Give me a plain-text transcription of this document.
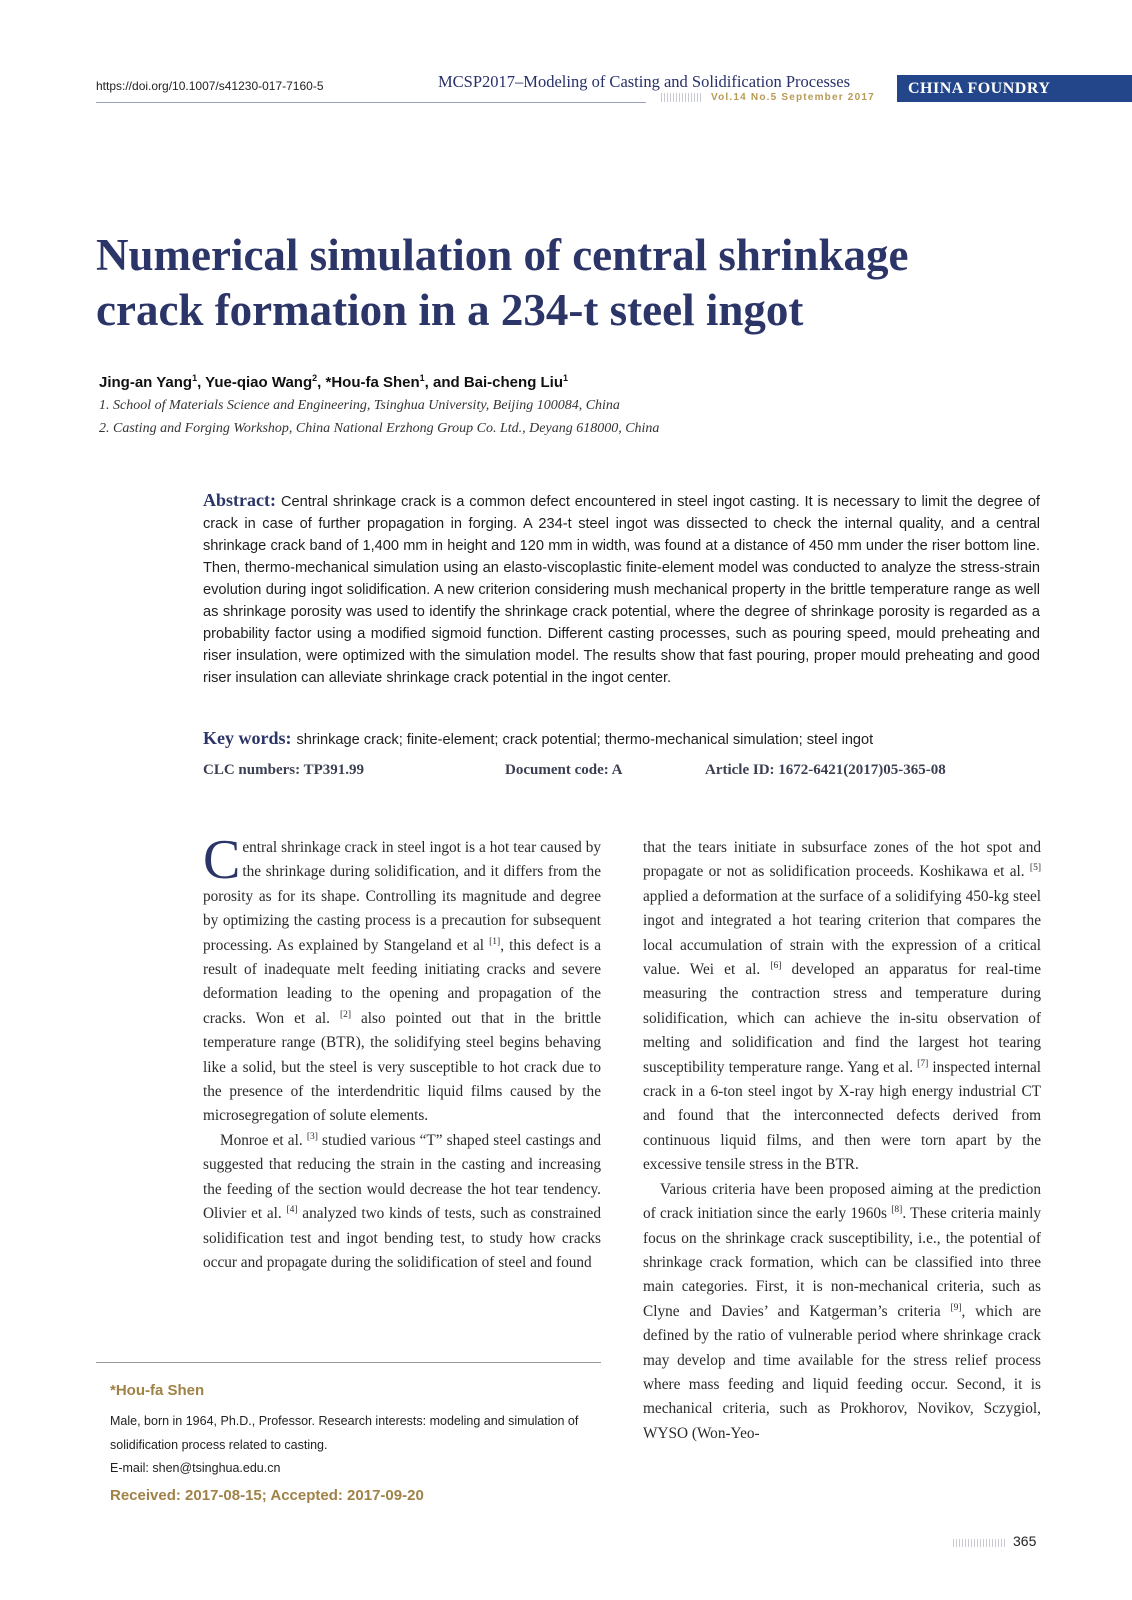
https://doi.org/10.1007/s41230-017-7160-5	MCSP2017–Modeling of Casting and Solidification Processes
Vol.14 No.5 September 2017
CHINA FOUNDRY
Numerical simulation of central shrinkage
crack formation in a 234-t steel ingot
Jing-an Yang$^1$, Yue-qiao Wang$^2$, *Hou-fa Shen$^1$, and Bai-cheng Liu$^1$
1. School of Materials Science and Engineering, Tsinghua University, Beijing 100084, China
2. Casting and Forging Workshop, China National Erzhong Group Co. Ltd., Deyang 618000, China

Abstract: Central shrinkage crack is a common defect encountered in steel ingot casting. It is necessary to limit the degree of crack in case of further propagation in forging. A 234-t steel ingot was dissected to check the internal quality, and a central shrinkage crack band of 1,400 mm in height and 120 mm in width, was found at a distance of 450 mm under the riser bottom line. Then, thermo-mechanical simulation using an elasto-viscoplastic finite-element model was conducted to analyze the stress-strain evolution during ingot solidification. A new criterion considering mush mechanical property in the brittle temperature range as well as shrinkage porosity was used to identify the shrinkage crack potential, where the degree of shrinkage porosity is regarded as a probability factor using a modified sigmoid function. Different casting processes, such as pouring speed, mould preheating and riser insulation, were optimized with the simulation model. The results show that fast pouring, proper mould preheating and good riser insulation can alleviate shrinkage crack potential in the ingot center.

Key words: shrinkage crack; finite-element; crack potential; thermo-mechanical simulation; steel ingot
CLC numbers: TP391.99	Document code: A	Article ID: 1672-6421(2017)05-365-08

Central shrinkage crack in steel ingot is a hot tear caused by the shrinkage during solidification, and it differs from the porosity as for its shape. Controlling its magnitude and degree by optimizing the casting process is a precaution for subsequent processing. As explained by Stangeland et al [1], this defect is a result of inadequate melt feeding initiating cracks and severe deformation leading to the opening and propagation of the cracks. Won et al. [2] also pointed out that in the brittle temperature range (BTR), the solidifying steel begins behaving like a solid, but the steel is very susceptible to hot crack due to the presence of the interdendritic liquid films caused by the microsegregation of solute elements.

Monroe et al. [3] studied various “T” shaped steel castings and suggested that reducing the strain in the casting and increasing the feeding of the section would decrease the hot tear tendency. Olivier et al. [4] analyzed two kinds of tests, such as constrained solidification test and ingot bending test, to study how cracks occur and propagate during the solidification of steel and found

that the tears initiate in subsurface zones of the hot spot and propagate or not as solidification proceeds. Koshikawa et al. [5] applied a deformation at the surface of a solidifying 450-kg steel ingot and integrated a hot tearing criterion that compares the local accumulation of strain with the expression of a critical value. Wei et al. [6] developed an apparatus for real-time measuring the contraction stress and temperature during solidification, which can achieve the in-situ observation of melting and solidification and find the largest hot tearing susceptibility temperature range. Yang et al. [7] inspected internal crack in a 6-ton steel ingot by X-ray high energy industrial CT and found that the interconnected defects derived from continuous liquid films, and then were torn apart by the excessive tensile stress in the BTR.

Various criteria have been proposed aiming at the prediction of crack initiation since the early 1960s [8]. These criteria mainly focus on the shrinkage crack susceptibility, i.e., the potential of shrinkage crack formation, which can be classified into three main categories. First, it is non-mechanical criteria, such as Clyne and Davies’ and Katgerman’s criteria [9], which are defined by the ratio of vulnerable period where shrinkage crack may develop and time available for the stress relief process where mass feeding and liquid feeding occur. Second, it is mechanical criteria, such as Prokhorov, Novikov, Sczygiol, WYSO (Won-Yeo-

*Hou-fa Shen

Male, born in 1964, Ph.D., Professor. Research interests: modeling and simulation of solidification process related to casting.

E-mail: shen@tsinghua.edu.cn
Received: 2017-08-15; Accepted: 2017-09-20
365
